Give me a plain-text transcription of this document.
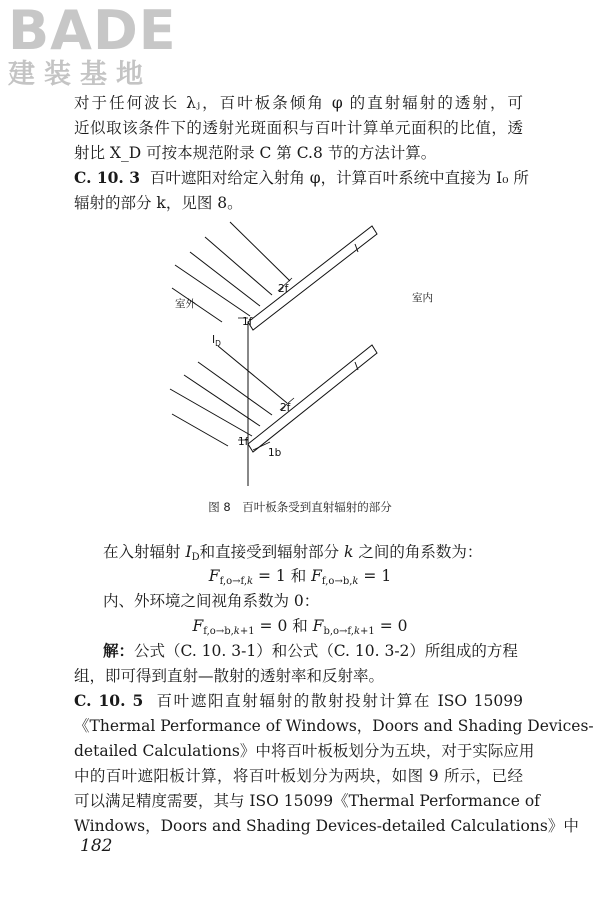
BADE
建装基地
对于任何波长 λⱼ，百叶板条倾角 φ 的直射辐射的透射，可
近似取该条件下的透射光斑面积与百叶计算单元面积的比值，透
射比 X_D 可按本规范附录 C 第 C.8 节的方法计算。
C. 10. 3 百叶遮阳对给定入射角 φ，计算百叶系统中直接为 I₀ 所
辐射的部分 k，见图 8。
室外	室内
$I_D$
2f
1f
2f
1f
1b
图 8　百叶板条受到直射辐射的部分
在入射辐射 $I_D$和直接受到辐射部分 k 之间的角系数为：
$F_{f,o\to f,k} = 1$ 和 $F_{f,o\to b,k} = 1$
内、外环境之间视角系数为 0：
$F_{f,o\to b,k+1} = 0$ 和 $F_{b,o\to f,k+1} = 0$
解：公式（C. 10. 3-1）和公式（C. 10. 3-2）所组成的方程
组，即可得到直射—散射的透射率和反射率。
C. 10. 5 百叶遮阳直射辐射的散射投射计算在 ISO 15099
《Thermal Performance of Windows，Doors and Shading Devices-
detailed Calculations》中将百叶板板划分为五块，对于实际应用
中的百叶遮阳板计算，将百叶板划分为两块，如图 9 所示，已经
可以满足精度需要，其与 ISO 15099《Thermal Performance of
Windows，Doors and Shading Devices-detailed Calculations》中
182
